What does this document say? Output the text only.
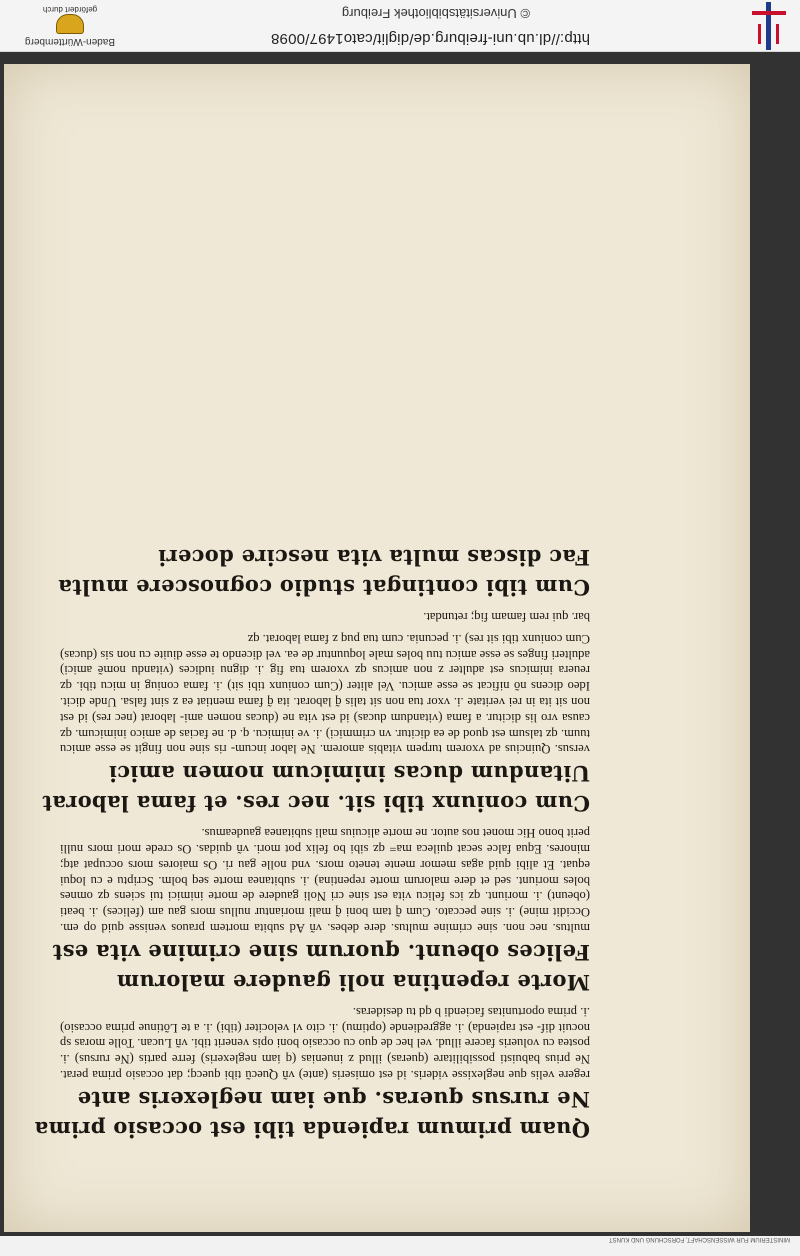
Baden-Württemberg
gefördert durch
http://dl.ub.uni-freiburg.de/diglit/cato1497/0098
© Universitätsbibliothek Freiburg
Quam primum rapienda tibi est occasio prima
Ne rursus queras. que iam neglexeris ante
regere velis que neglexisse videris. id est omiseris (ante) vñ Quecũ tibi quecq; dat occasio prima perat. Ne prius babuisti possibilitare (queras) illud z inuenias (q iam neglexeris) ferre partis (Ne rursus) .i. postea cu volueris facere illud. vel hec de quo cu occasio boni opis venerit tibi. vñ Lucan. Tolle moras sp nocuit dif- est rapienda) .i. aggrediende (optimu) .i. cito vl velociter (tibi) .i. a te Lõtinue prima occasio) .i. prima oportunitas faciendi b qd tu desideras.
Morte repentina noli gaudere malorum
Felices obeunt. quorum sine crimine vita est
multus. nec non. sine crimine multus. dere debes. vñ Ad subita mortem prauos venisse quid op em. Occidit mine) .i. sine peccato. Cum q̃ tam boni q̃ mali moriantur nullus mors gau am (felices) .i. beati (obeunt) .i. moriunt. qz ics felicu vita est sine cri Noli gaudere de morte inimici tui sciens qz omnes boles moriunt. sed et dere malorum morte repentina) .i. subitanea morte seq bolm. Scriptu e cu loqui equat. Et alibi quid agas memor mente teneto mors. vnd nolle gau ri. Os maiores mors occupat atq; minores. Equa falce secat quileca ma= qz sibi bo felix pot mori. vñ quidas. Os crede mori mors nulli perit bono Hic monet nos autor. ne morte alicuius mali subitanea gaudeamus.
Cum coniunx tibi sit. nec res. et fama laborat
Uitandum ducas inimicum nomen amici
versus. Quincius ad vxorem turpem vitabis amorem. Ne labor incum- ris sine non fingit se esse amicu tuum. qz talsum est quod de ea dicitur. vn crimmici) .i. ve inimicu. q. d. ne facias de amico inimicum. qz causa vro lis dicitur. a fama (vitandum ducas) id est vita ne (ducas nomen ami- laborat (nec res) id est non sit ita in rei veritate .i. vxor tua non sit talis q̃ laborat. ita q̃ fama mentiat ea z sint falsa. Unde dicit. Ideo dicens nõ nificat se esse amicu. Vel aliter (Cum coniunx tibi sit) .i. fama coniug in micu tibi. qz reuera inimicus est adulter z non amicus qz vxorem tua fig .i. dignu iudices (vitandu nomẽ amici) adulteri finges se esse amicu tuu boles male loquuntur de ea. vel dicendo te esse diuite cu non sis (ducas) Cum coniunx tibi sit res) .i. pecunia. cum tua puq z fama laborat. qz
bar. qui rem famam fiq; retundat.
Cum tibi contingat studio cognoscere multa
Fac discas multa vita nescire doceri
MINISTERIUM FÜR WISSENSCHAFT, FORSCHUNG UND KUNST
